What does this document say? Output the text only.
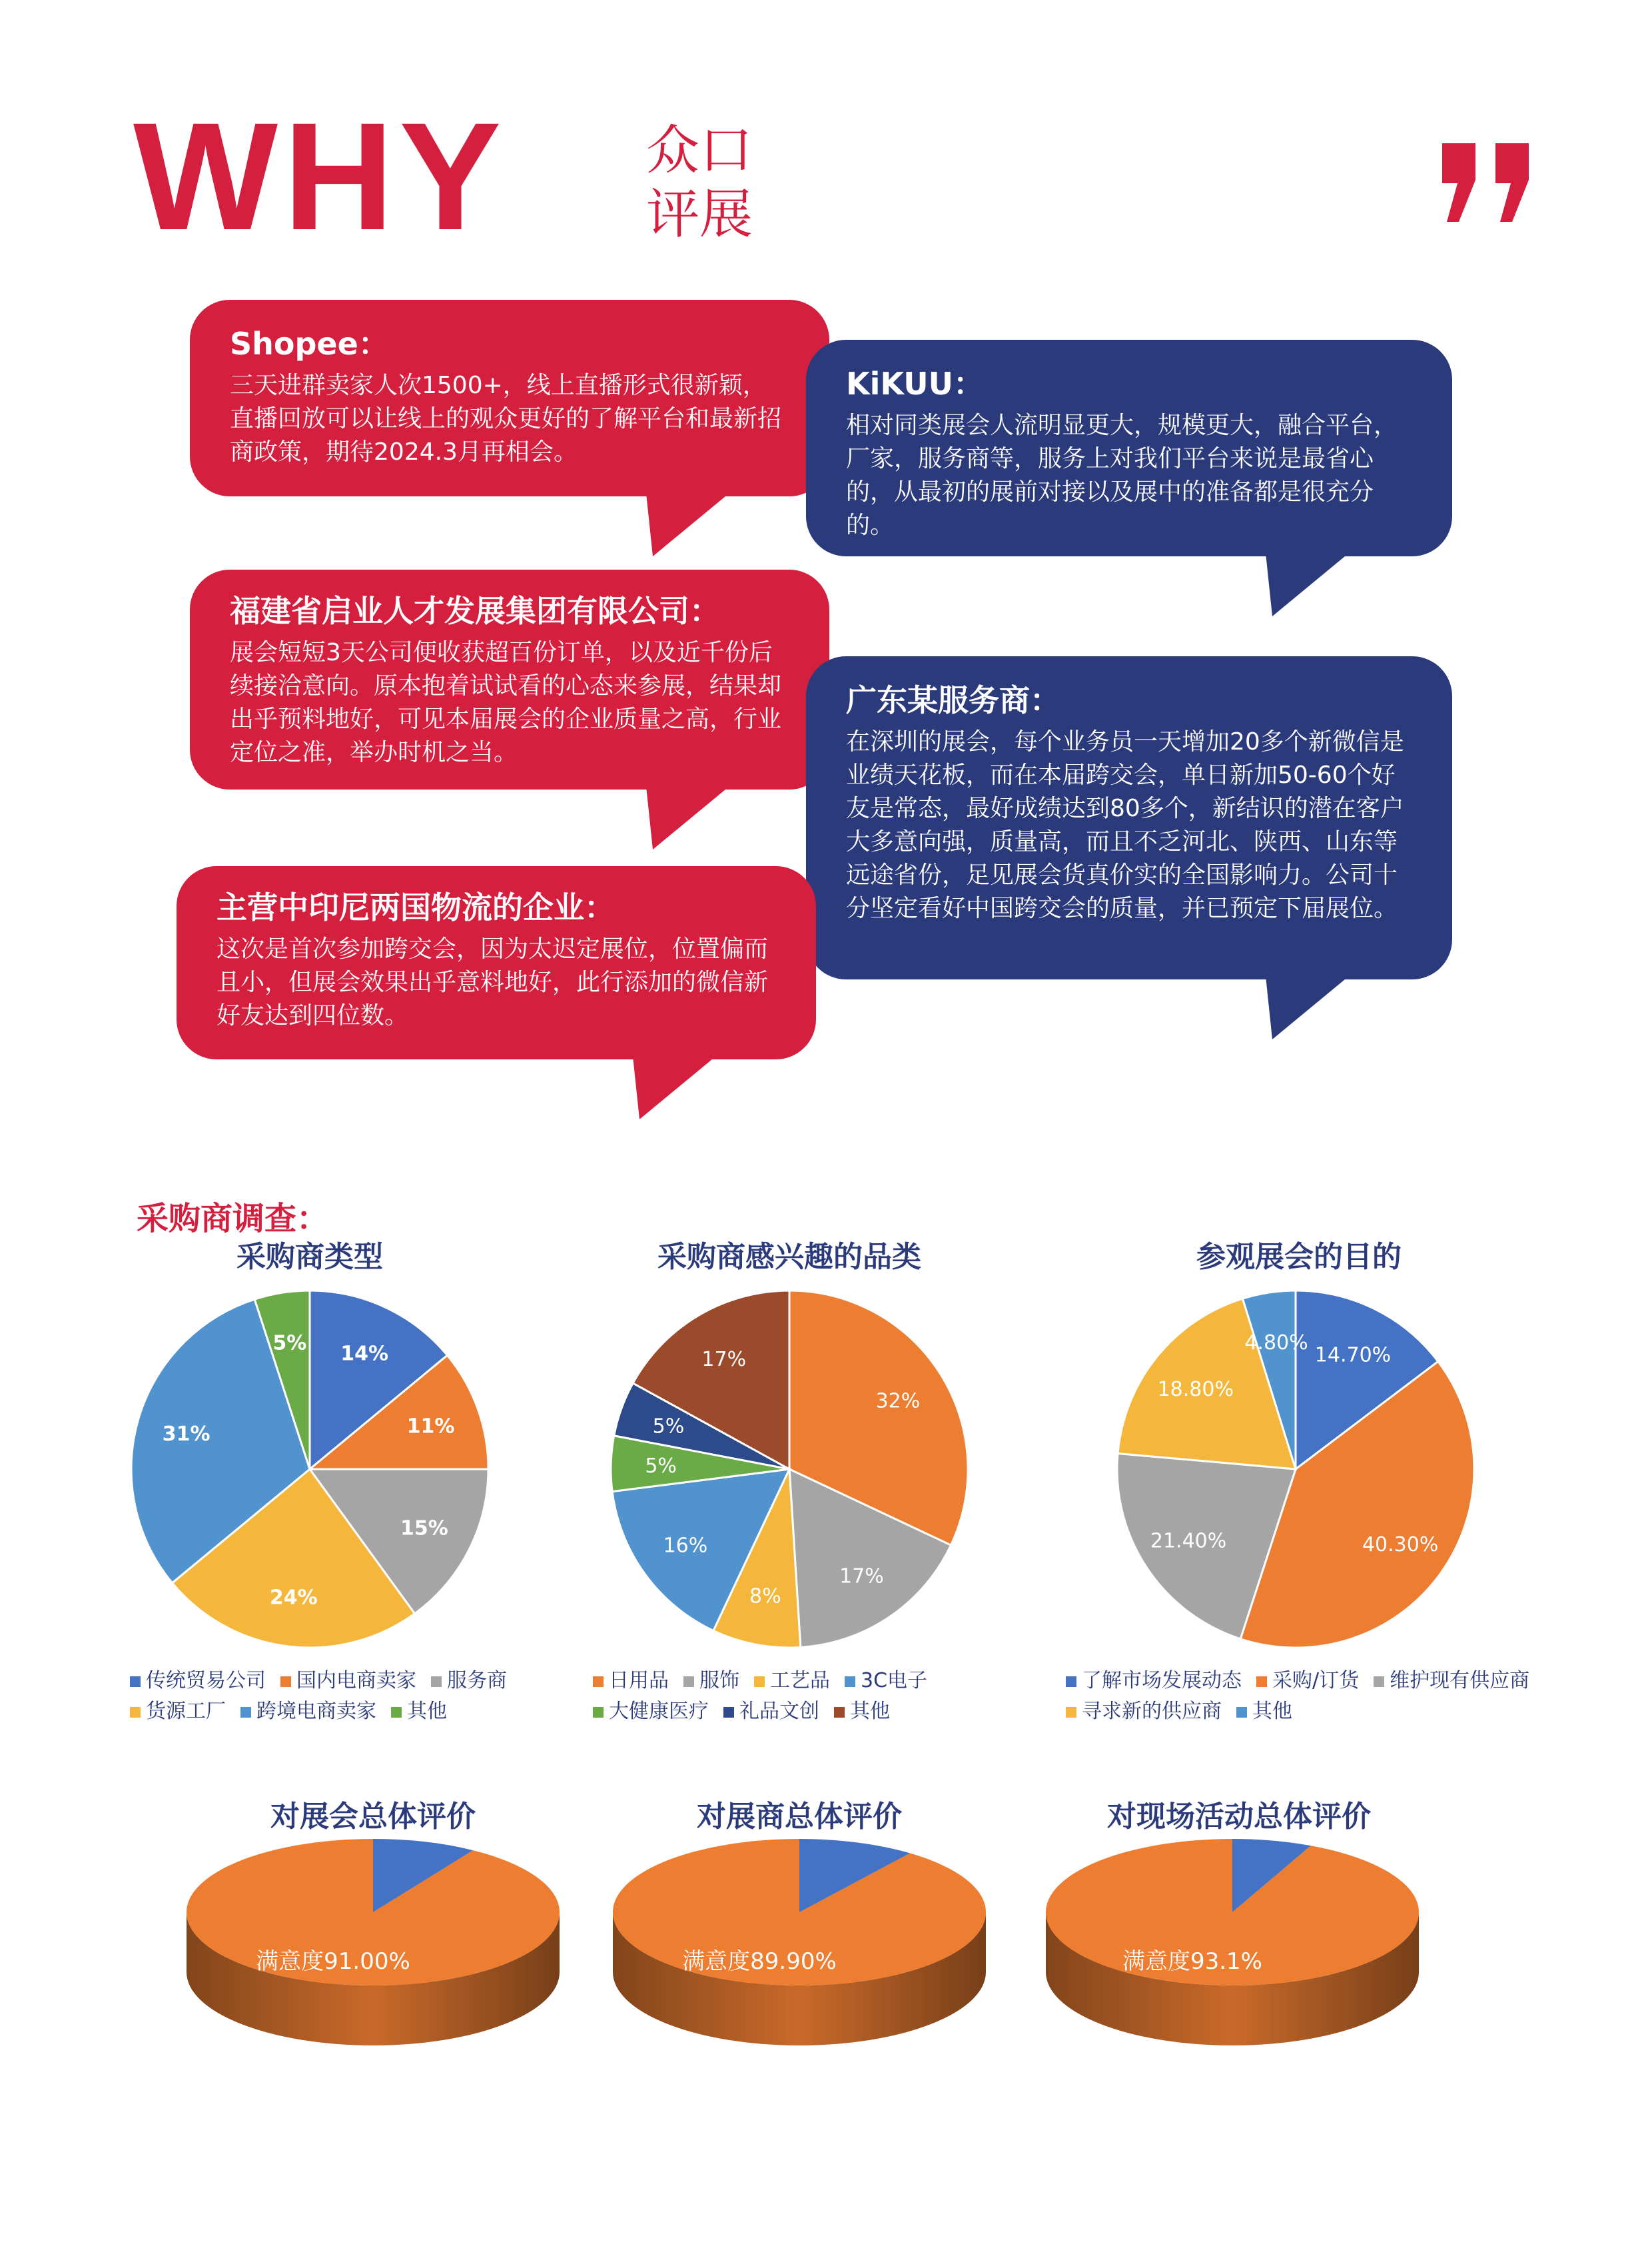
WHY	众口
评展
Shopee：
三天进群卖家人次1500+，线上直播形式很新颖，直播回放可以让线上的观众更好的了解平台和最新招商政策，期待2024.3月再相会。
KiKUU：
相对同类展会人流明显更大，规模更大，融合平台，厂家，服务商等，服务上对我们平台来说是最省心的，从最初的展前对接以及展中的准备都是很充分的。
福建省启业人才发展集团有限公司：
展会短短3天公司便收获超百份订单，以及近千份后续接洽意向。原本抱着试试看的心态来参展，结果却出乎预料地好，可见本届展会的企业质量之高，行业定位之准，举办时机之当。
广东某服务商：
在深圳的展会，每个业务员一天增加20多个新微信是业绩天花板，而在本届跨交会，单日新加50-60个好友是常态，最好成绩达到80多个，新结识的潜在客户大多意向强，质量高，而且不乏河北、陕西、山东等远途省份，足见展会货真价实的全国影响力。公司十分坚定看好中国跨交会的质量，并已预定下届展位。
主营中印尼两国物流的企业：
这次是首次参加跨交会，因为太迟定展位，位置偏而且小，但展会效果出乎意料地好，此行添加的微信新好友达到四位数。
采购商调查：
采购商类型	采购商感兴趣的品类	参观展会的目的
14%
11%
15%
24%
31%
5%
32%
17%
8%
16%
5%
5%
17%	14.70%
40.30%
21.40%
18.80%
4.80%
传统贸易公司 国内电商卖家 服务商货源工厂 跨境电商卖家 其他
日用品 服饰 工艺品 3C电子大健康医疗 礼品文创 其他
了解市场发展动态 采购/订货 维护现有供应商寻求新的供应商 其他
对展会总体评价	对展商总体评价	对现场活动总体评价
满意度91.00%	满意度89.90%	满意度93.1%
